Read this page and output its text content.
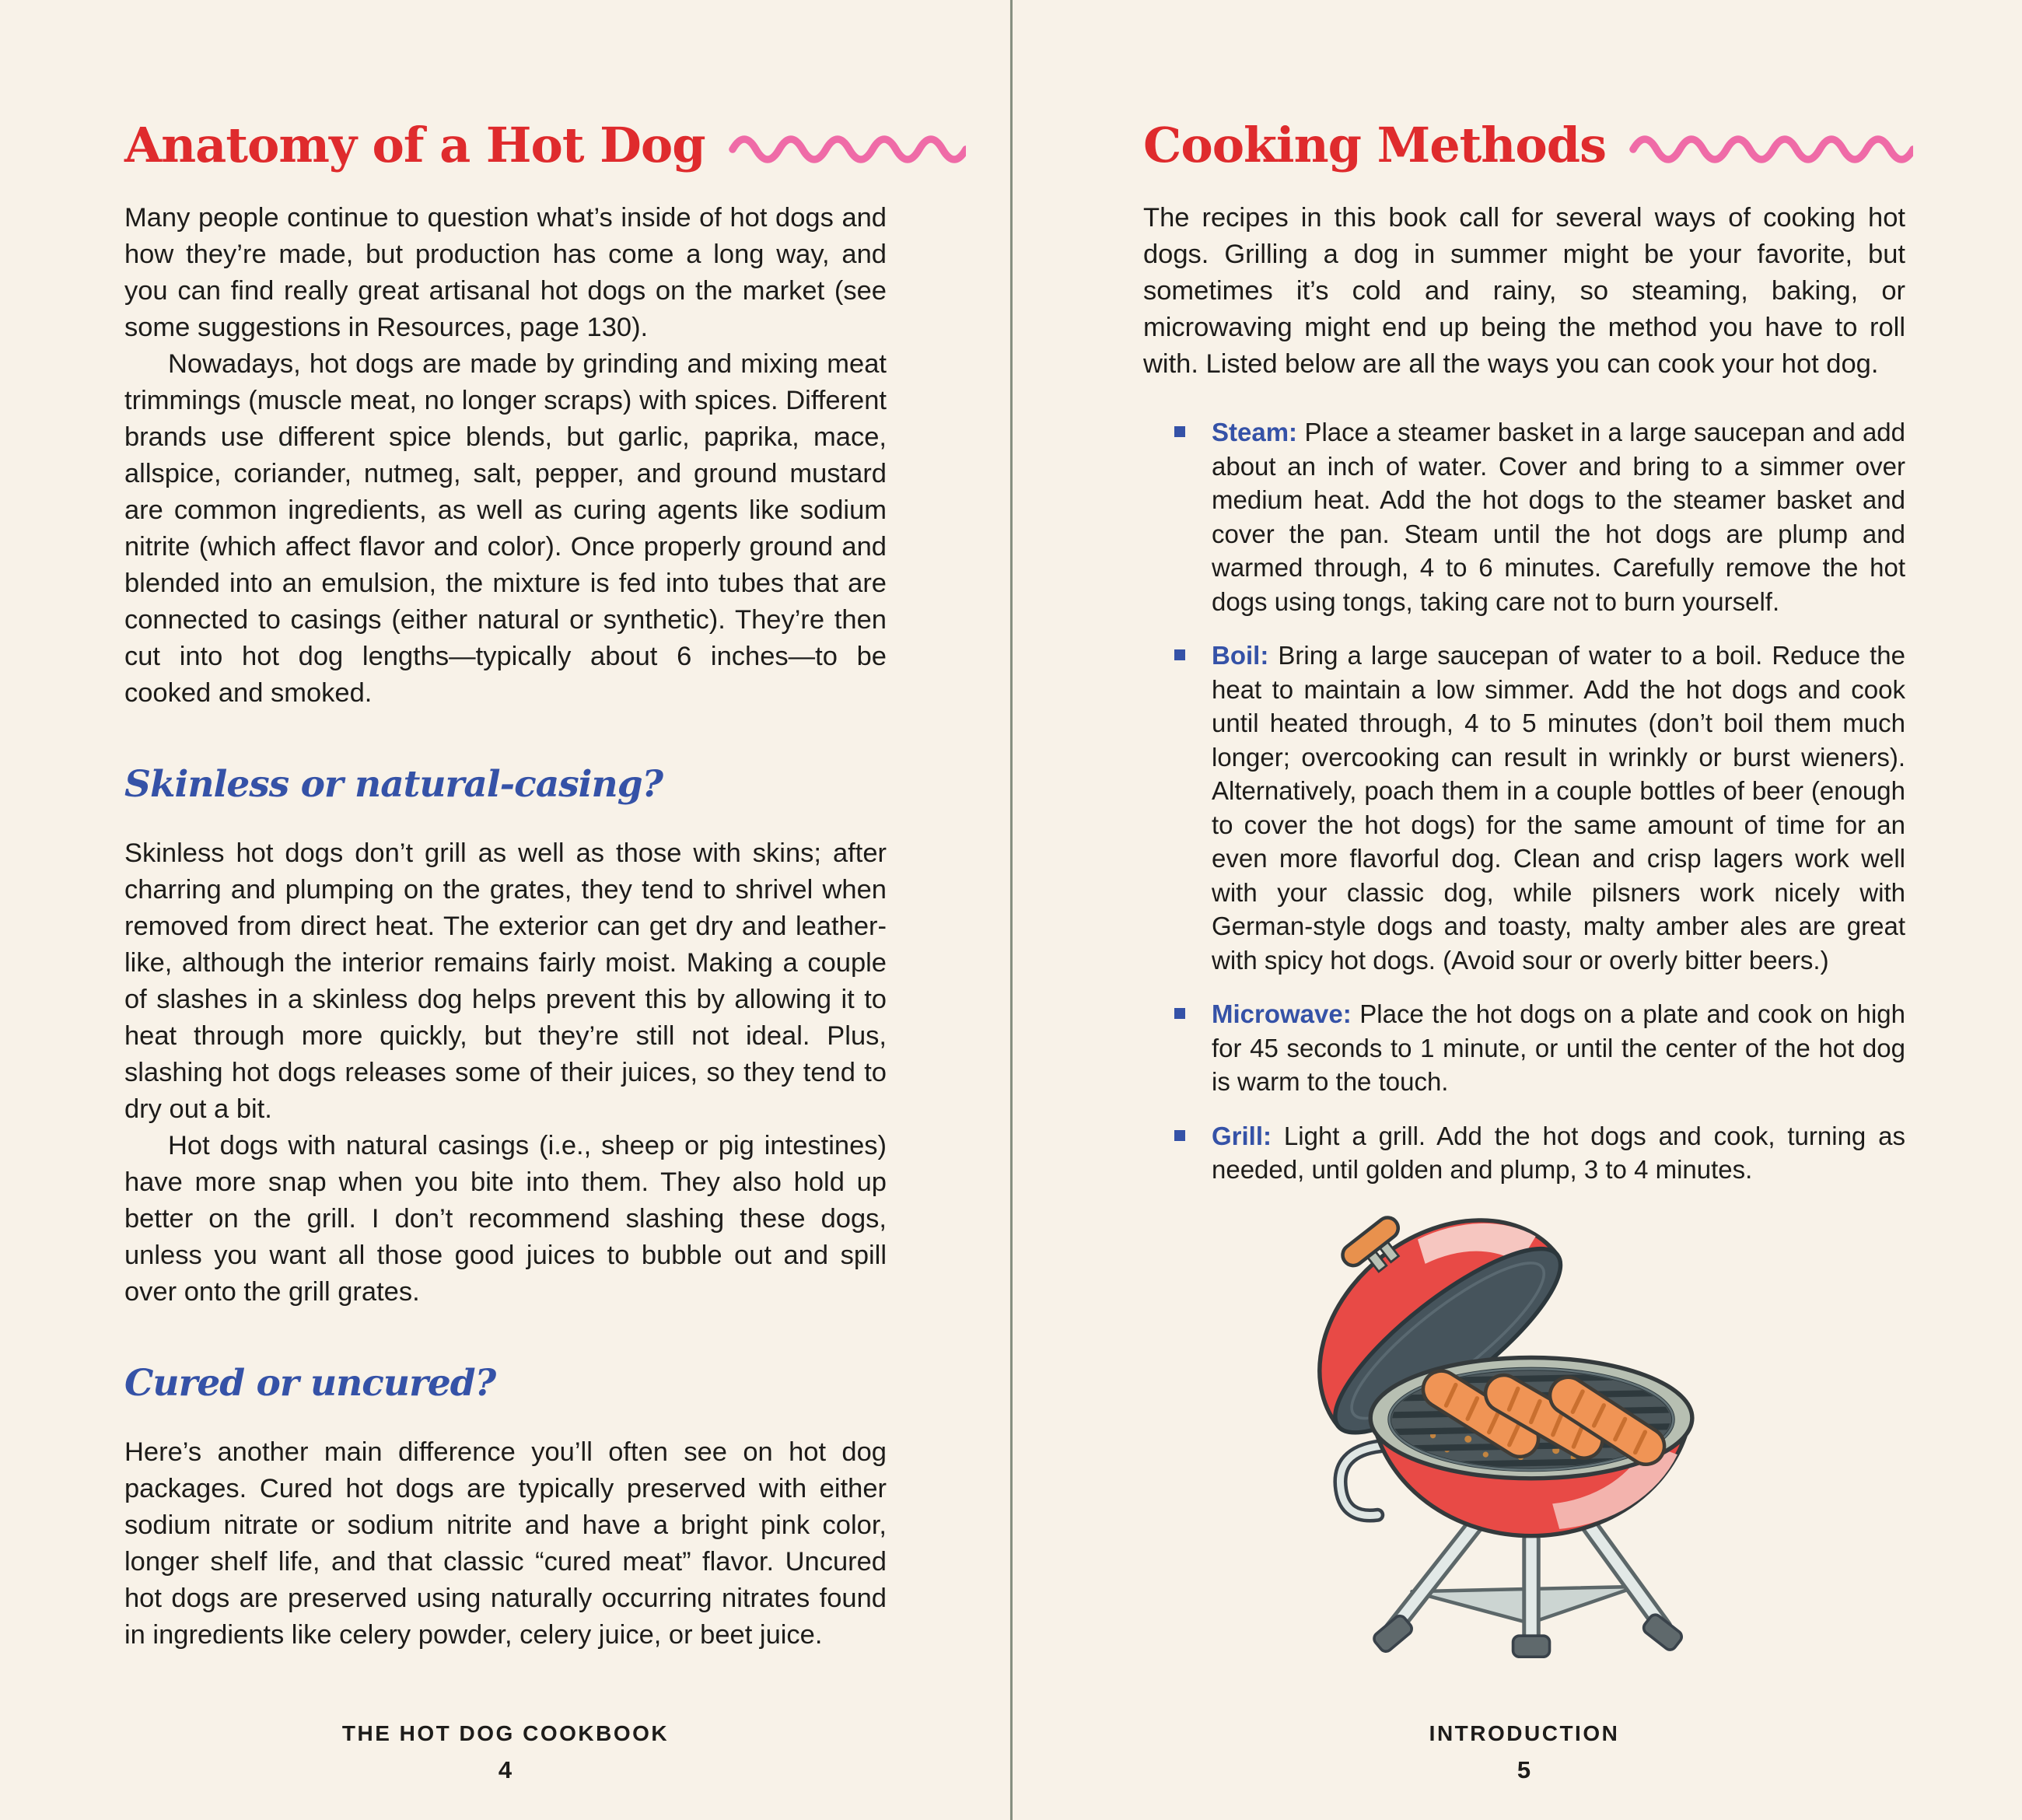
Anatomy of a Hot Dog

Many people continue to question what’s inside of hot dogs and how they’re made, but production has come a long way, and you can find really great artisanal hot dogs on the market (see some suggestions in Resources, page 130).

Nowadays, hot dogs are made by grinding and mixing meat trimmings (muscle meat, no longer scraps) with spices. Different brands use different spice blends, but garlic, paprika, mace, allspice, coriander, nutmeg, salt, pepper, and ground mustard are common ingredients, as well as curing agents like sodium nitrite (which affect flavor and color). Once properly ground and blended into an emulsion, the mixture is fed into tubes that are connected to casings (either natural or synthetic). They’re then cut into hot dog lengths—typically about 6 inches—to be cooked and smoked.

Skinless or natural-casing?

Skinless hot dogs don’t grill as well as those with skins; after charring and plumping on the grates, they tend to shrivel when removed from direct heat. The exterior can get dry and leather-like, although the interior remains fairly moist. Making a couple of slashes in a skinless dog helps prevent this by allowing it to heat through more quickly, but they’re still not ideal. Plus, slashing hot dogs releases some of their juices, so they tend to dry out a bit.

Hot dogs with natural casings (i.e., sheep or pig intestines) have more snap when you bite into them. They also hold up better on the grill. I don’t recommend slashing these dogs, unless you want all those good juices to bubble out and spill over onto the grill grates.

Cured or uncured?

Here’s another main difference you’ll often see on hot dog packages. Cured hot dogs are typically preserved with either sodium nitrate or sodium nitrite and have a bright pink color, longer shelf life, and that classic “cured meat” flavor. Uncured hot dogs are preserved using naturally occurring nitrates found in ingredients like celery powder, celery juice, or beet juice.

THE HOT DOG COOKBOOK
4
Cooking Methods

The recipes in this book call for several ways of cooking hot dogs. Grilling a dog in summer might be your favorite, but sometimes it’s cold and rainy, so steaming, baking, or microwaving might end up being the method you have to roll with. Listed below are all the ways you can cook your hot dog.

Steam: Place a steamer basket in a large saucepan and add about an inch of water. Cover and bring to a simmer over medium heat. Add the hot dogs to the steamer basket and cover the pan. Steam until the hot dogs are plump and warmed through, 4 to 6 minutes. Carefully remove the hot dogs using tongs, taking care not to burn yourself.
Boil: Bring a large saucepan of water to a boil. Reduce the heat to maintain a low simmer. Add the hot dogs and cook until heated through, 4 to 5 minutes (don’t boil them much longer; overcooking can result in wrinkly or burst wieners). Alternatively, poach them in a couple bottles of beer (enough to cover the hot dogs) for the same amount of time for an even more flavorful dog. Clean and crisp lagers work well with your classic dog, while pilsners work nicely with German-style dogs and toasty, malty amber ales are great with spicy hot dogs. (Avoid sour or overly bitter beers.)
Microwave: Place the hot dogs on a plate and cook on high for 45 seconds to 1 minute, or until the center of the hot dog is warm to the touch.
Grill: Light a grill. Add the hot dogs and cook, turning as needed, until golden and plump, 3 to 4 minutes.
INTRODUCTION
5
